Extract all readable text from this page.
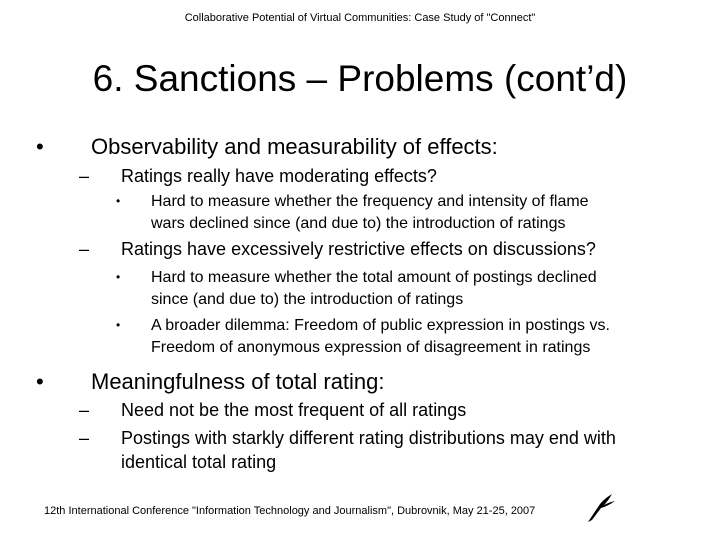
Collaborative Potential of Virtual Communities: Case Study of "Connect"
6. Sanctions – Problems (cont’d)
• Observability and measurability of effects:
– Ratings really have moderating effects?
• Hard to measure whether the frequency and intensity of flame
wars declined since (and due to) the introduction of ratings
– Ratings have excessively restrictive effects on discussions?
• Hard to measure whether the total amount of postings declined
since (and due to) the introduction of ratings
• A broader dilemma: Freedom of public expression in postings vs.
Freedom of anonymous expression of disagreement in ratings
• Meaningfulness of total rating:
– Need not be the most frequent of all ratings
– Postings with starkly different rating distributions may end with
identical total rating
12th International Conference "Information Technology and Journalism", Dubrovnik, May 21-25, 2007
